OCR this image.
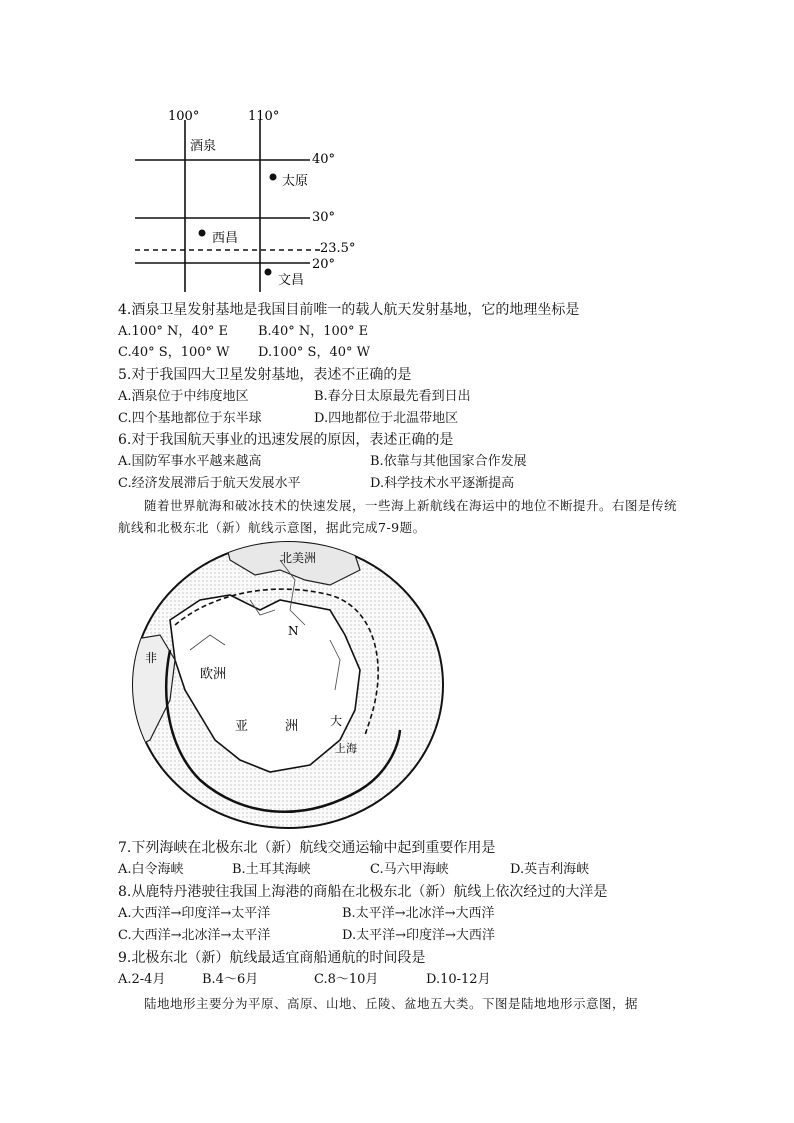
100°	110°
40°
30°
23.5°
20°
酒泉
太原
西昌
文昌
4.酒泉卫星发射基地是我国目前唯一的载人航天发射基地，它的地理坐标是
A.100° N，40° E B.40° N，100° E
C.40° S，100° W D.100° S，40° W
5.对于我国四大卫星发射基地，表述不正确的是
A.酒泉位于中纬度地区	B.春分日太原最先看到日出
C.四个基地都位于东半球	D.四地都位于北温带地区
6.对于我国航天事业的迅速发展的原因，表述正确的是
A.国防军事水平越来越高	B.依靠与其他国家合作发展
C.经济发展滞后于航天发展水平	D.科学技术水平逐渐提高
随着世界航海和破冰技术的快速发展，一些海上新航线在海运中的地位不断提升。右图是传统航线和北极东北（新）航线示意图，据此完成7-9题。
北美洲
N
欧洲
非
亚	洲	大
上海
7.下列海峡在北极东北（新）航线交通运输中起到重要作用是
A.白令海峡	B.土耳其海峡	C.马六甲海峡	D.英吉利海峡
8.从鹿特丹港驶往我国上海港的商船在北极东北（新）航线上依次经过的大洋是
A.大西洋→印度洋→太平洋	B.太平洋→北冰洋→大西洋
C.大西洋→北冰洋→太平洋	D.太平洋→印度洋→大西洋
9.北极东北（新）航线最适宜商船通航的时间段是
A.2-4月	B.4～6月	C.8～10月	D.10-12月
陆地地形主要分为平原、高原、山地、丘陵、盆地五大类。下图是陆地地形示意图，据
